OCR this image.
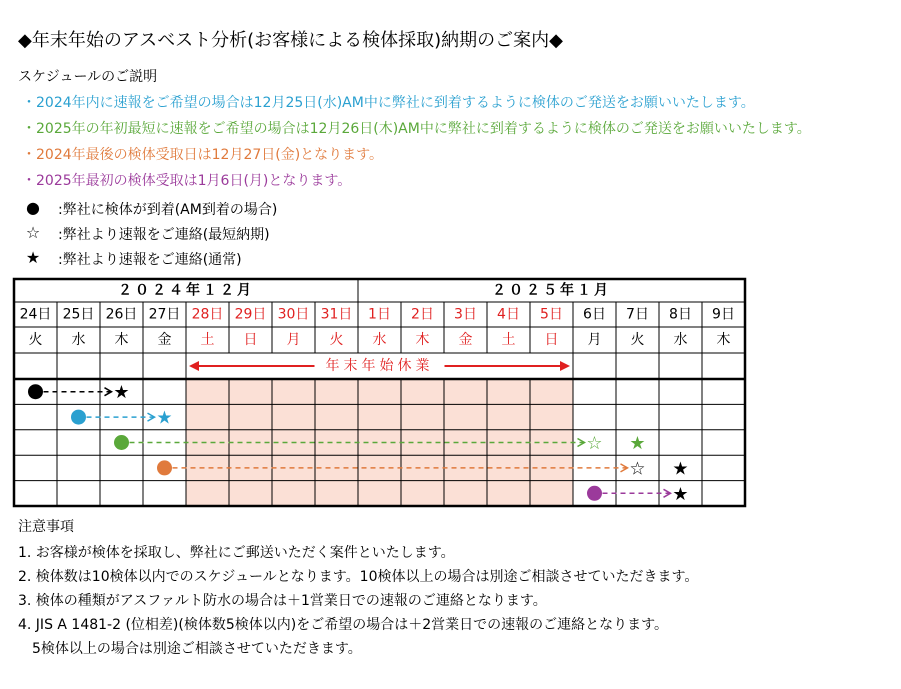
◆年末年始のアスベスト分析(お客様による検体採取)納期のご案内◆
スケジュールのご説明
・2024年内に速報をご希望の場合は12月25日(水)AM中に弊社に到着するように検体のご発送をお願いいたします。
・2025年の年初最短に速報をご希望の場合は12月26日(木)AM中に弊社に到着するように検体のご発送をお願いいたします。
・2024年最後の検体受取日は12月27日(金)となります。
・2025年最初の検体受取は1月6日(月)となります。
● :弊社に検体が到着(AM到着の場合)
☆ :弊社より速報をご連絡(最短納期)
★ :弊社より速報をご連絡(通常)
２０２４年１２月	２０２５年１月
24日
火
25日
水
26日
木
27日
金
28日
土
29日
日
30日
月
31日
火
1日
水
2日
木
3日
金
4日
土
5日
日
6日
月
7日
火
8日
水
9日
木
年末年始休業
★
★
☆ ★
☆ ★
★
注意事項
1. お客様が検体を採取し、弊社にご郵送いただく案件といたします。
2. 検体数は10検体以内でのスケジュールとなります。10検体以上の場合は別途ご相談させていただきます。
3. 検体の種類がアスファルト防水の場合は＋1営業日での速報のご連絡となります。
4. JIS A 1481-2 (位相差)(検体数5検体以内)をご希望の場合は＋2営業日での速報のご連絡となります。
　5検体以上の場合は別途ご相談させていただきます。
